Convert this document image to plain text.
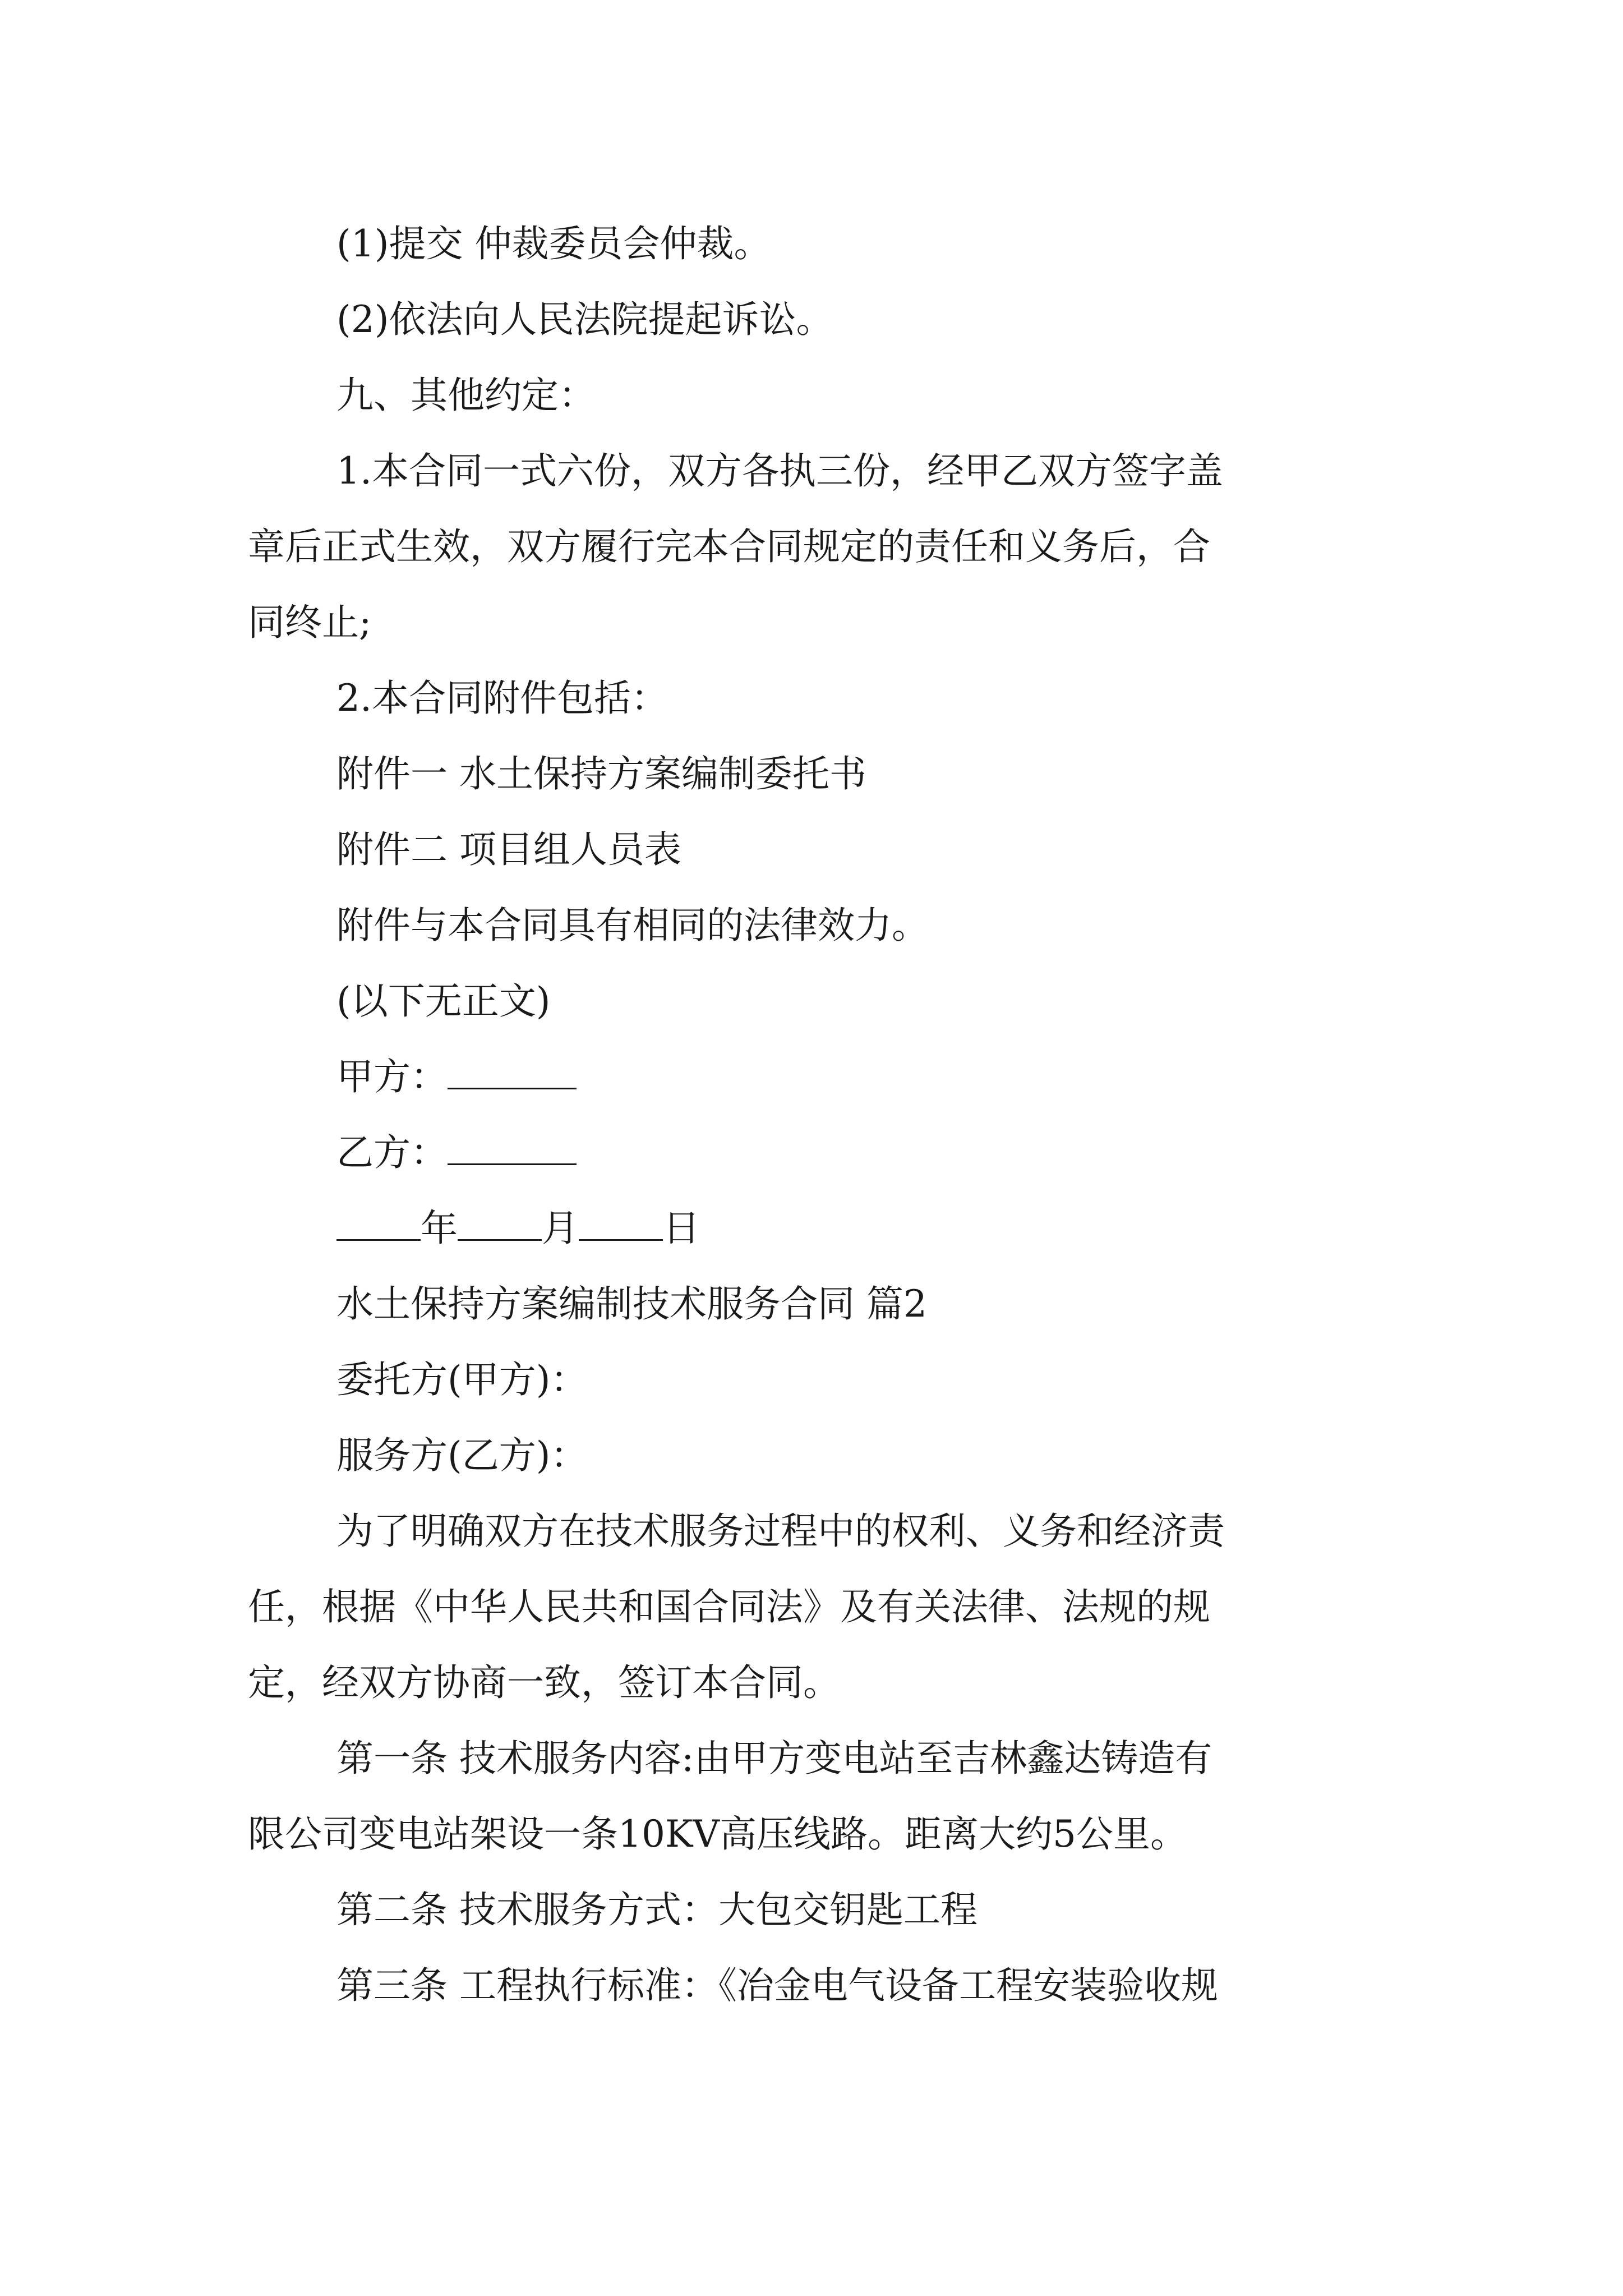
(1)提交 仲裁委员会仲裁。
(2)依法向人民法院提起诉讼。
九、其他约定：
1.本合同一式六份，双方各执三份，经甲乙双方签字盖
章后正式生效，双方履行完本合同规定的责任和义务后，合
同终止;
2.本合同附件包括：
附件一 水土保持方案编制委托书
附件二 项目组人员表
附件与本合同具有相同的法律效力。
(以下无正文)
甲方：
乙方：
年 月 日
水土保持方案编制技术服务合同 篇2
委托方(甲方)：
服务方(乙方)：
为了明确双方在技术服务过程中的权利、义务和经济责
任，根据《中华人民共和国合同法》及有关法律、法规的规
定，经双方协商一致，签订本合同。
第一条 技术服务内容:由甲方变电站至吉林鑫达铸造有
限公司变电站架设一条10KV高压线路。距离大约5公里。
第二条 技术服务方式：大包交钥匙工程
第三条 工程执行标准：《冶金电气设备工程安装验收规
